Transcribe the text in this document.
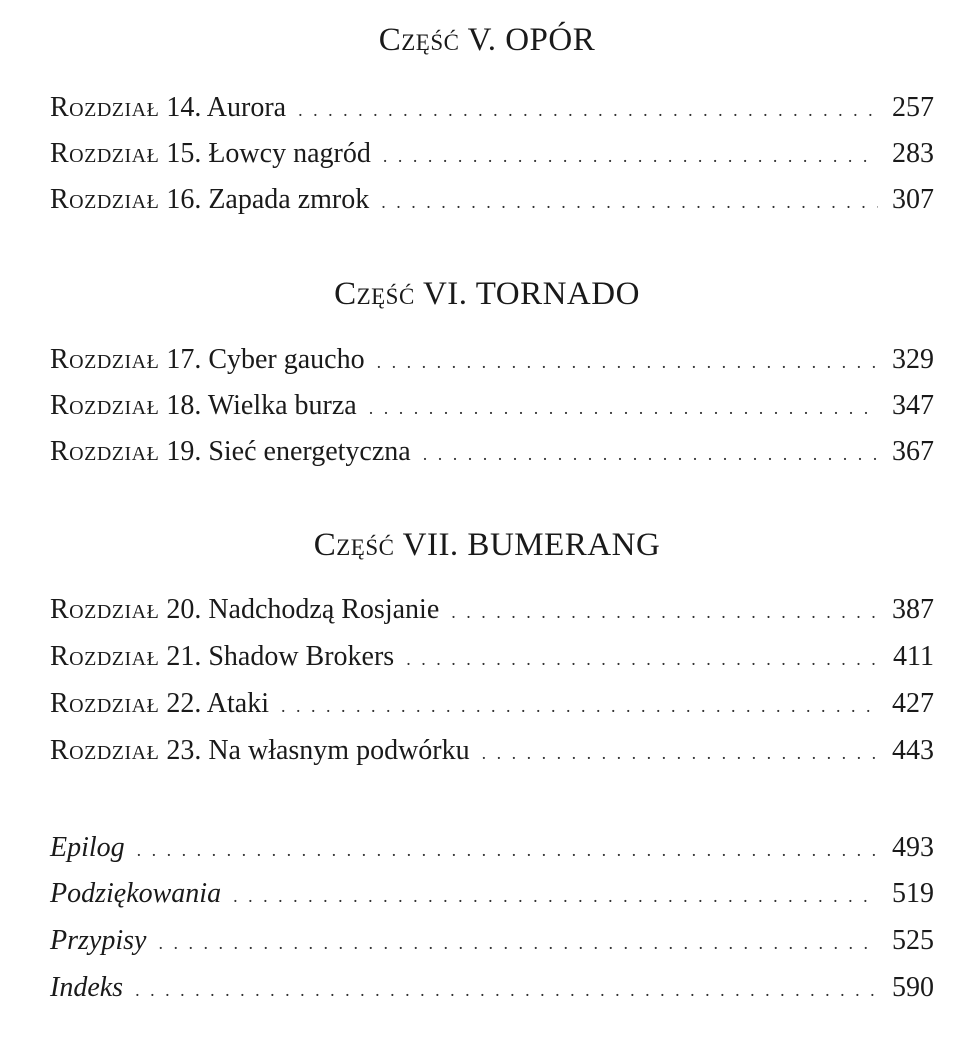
Część V. OPÓR
Rozdział 14. Aurora . . .	257
Rozdział 15. Łowcy nagród . . .	283
Rozdział 16. Zapada zmrok . . .	307
Część VI. TORNADO
Rozdział 17. Cyber gaucho . . .	329
Rozdział 18. Wielka burza . . .	347
Rozdział 19. Sieć energetyczna . . .	367
Część VII. BUMERANG
Rozdział 20. Nadchodzą Rosjanie . . .	387
Rozdział 21. Shadow Brokers . . .	411
Rozdział 22. Ataki . . .	427
Rozdział 23. Na własnym podwórku . . .	443
Epilog . . .	493
Podziękowania . . .	519
Przypisy . . .	525
Indeks . . .	590
